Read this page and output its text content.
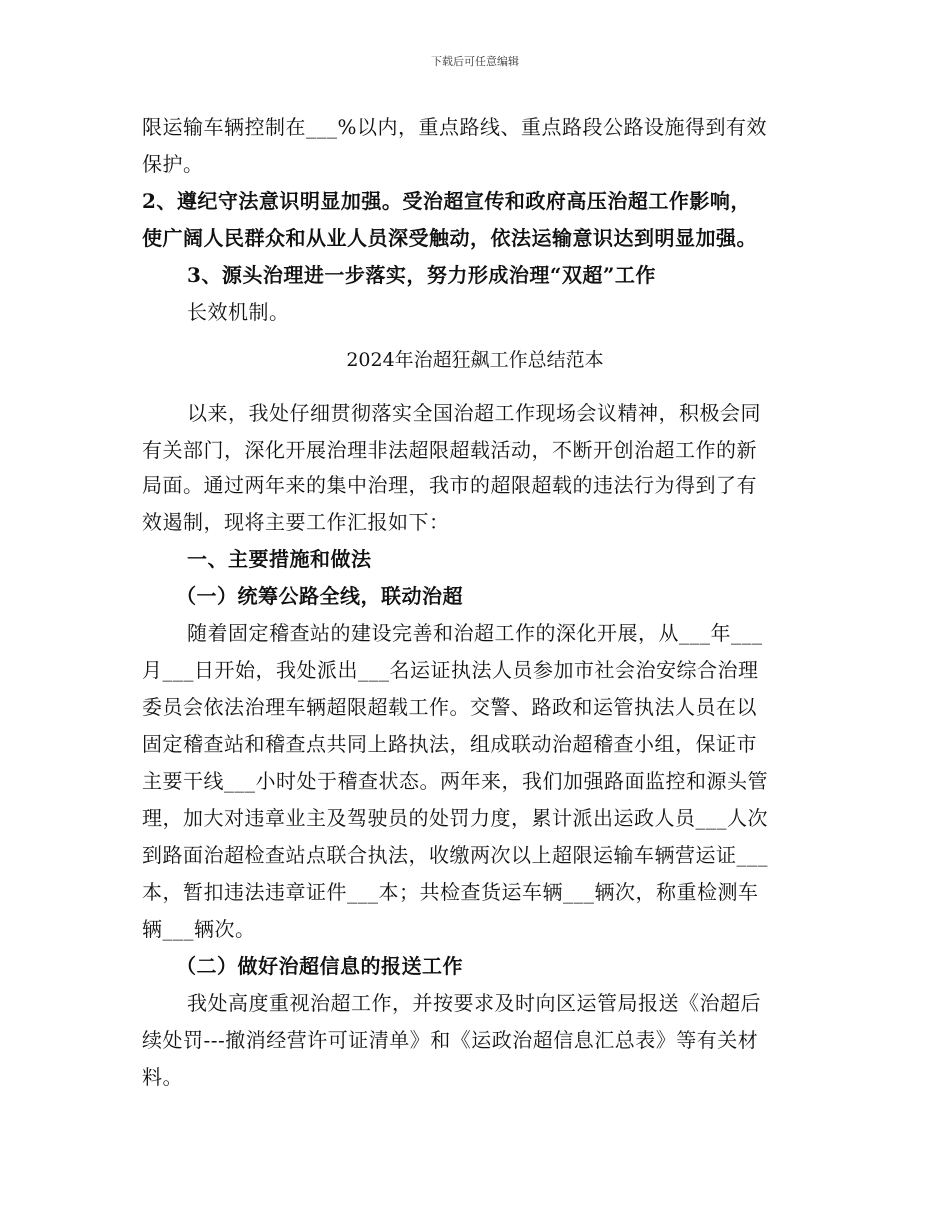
下载后可任意编辑
限运输车辆控制在___%以内，重点路线、重点路段公路设施得到有效
保护。
2、遵纪守法意识明显加强。受治超宣传和政府高压治超工作影响，
使广阔人民群众和从业人员深受触动，依法运输意识达到明显加强。
3、源头治理进一步落实，努力形成治理“双超”工作
长效机制。
2024年治超狂飙工作总结范本
以来，我处仔细贯彻落实全国治超工作现场会议精神，积极会同
有关部门，深化开展治理非法超限超载活动，不断开创治超工作的新
局面。通过两年来的集中治理，我市的超限超载的违法行为得到了有
效遏制，现将主要工作汇报如下：
一、主要措施和做法
（一）统筹公路全线，联动治超
随着固定稽查站的建设完善和治超工作的深化开展，从___年___
月___日开始，我处派出___名运证执法人员参加市社会治安综合治理
委员会依法治理车辆超限超载工作。交警、路政和运管执法人员在以
固定稽查站和稽查点共同上路执法，组成联动治超稽查小组，保证市
主要干线___小时处于稽查状态。两年来，我们加强路面监控和源头管
理，加大对违章业主及驾驶员的处罚力度，累计派出运政人员___人次
到路面治超检查站点联合执法，收缴两次以上超限运输车辆营运证___
本，暂扣违法违章证件___本；共检查货运车辆___辆次，称重检测车
辆___辆次。
（二）做好治超信息的报送工作
我处高度重视治超工作，并按要求及时向区运管局报送《治超后
续处罚---撤消经营许可证清单》和《运政治超信息汇总表》等有关材
料。
